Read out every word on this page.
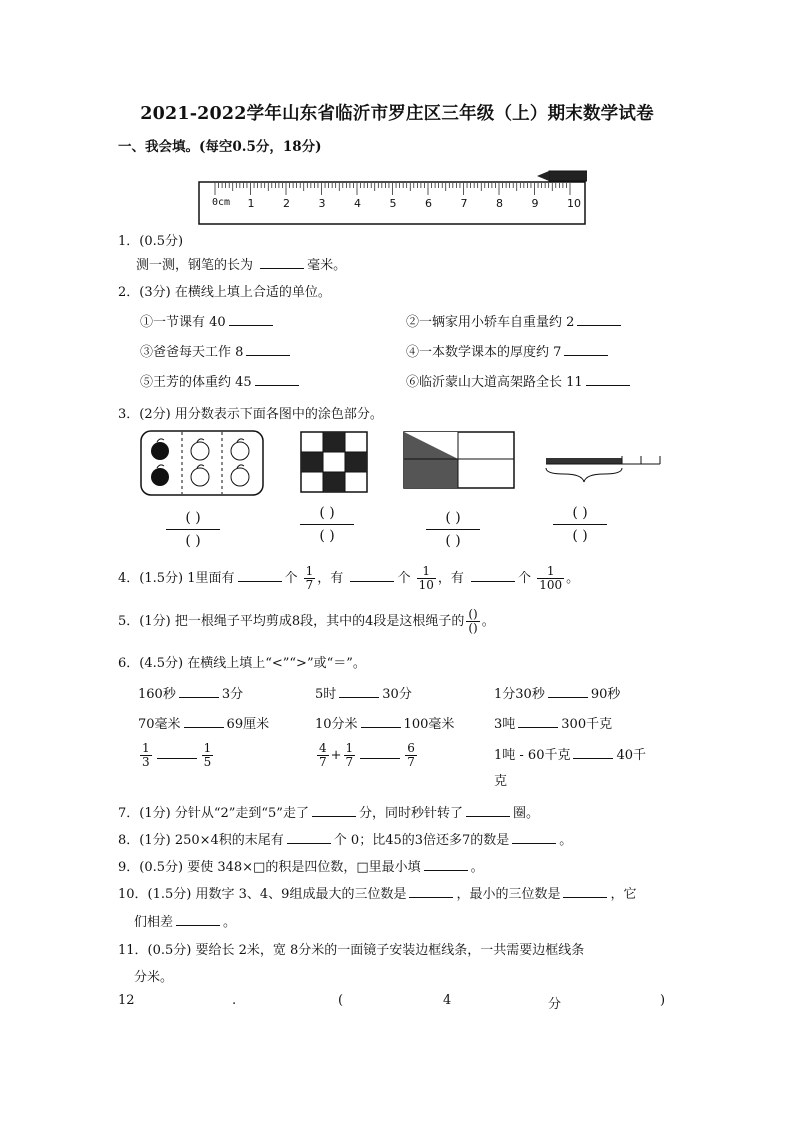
2021-2022学年山东省临沂市罗庄区三年级（上）期末数学试卷
一、我会填。(每空0.5分，18分)
0cm 1	2	3	4	5	6	7	8	9	10
1．(0.5分)
测一测，钢笔的长为	毫米。
2．(3分) 在横线上填上合适的单位。
①一节课有 40	②一辆家用小轿车自重量约 2
③爸爸每天工作 8	④一本数学课本的厚度约 7
⑤王芳的体重约 45	⑥临沂蒙山大道高架路全长 11
3．(2分) 用分数表示下面各图中的涂色部分。
( )
( )
( )
( )
( )
( )
( )
( )
4．(1.5分) 1里面有	个 $\frac{1}{7}$ ，有	个 $\frac{1}{10}$ ，有	个 $\frac{1}{100}$ 。
5．(1分) 把一根绳子平均剪成8段，其中的4段是这根绳子的 $\frac{()}{()}$ 。
6．(4.5分) 在横线上填上“<”“>”或“＝”。
160秒	3分	5时	30分	1分30秒	90秒
70毫米	69厘米	10分米	100毫米	3吨	300千克
$\frac{1}{3}$	$\frac{1}{5}$	$\frac{4}{7} + \frac{1}{7}$	$\frac{6}{7}$	1吨 - 60千克	40千
克
7．(1分) 分针从“2”走到“5”走了	分，同时秒针转了	圈。
8．(1分) 250×4积的末尾有	个 0；比45的3倍还多7的数是	。
9．(0.5分) 要使 348×□的积是四位数，□里最小填	。
10．(1.5分) 用数字 3、4、9组成最大的三位数是	，最小的三位数是	，它
们相差	。
11．(0.5分) 要给长 2米，宽 8分米的一面镜子安装边框线条，一共需要边框线条
分米。
12	.	(	4	分	)
